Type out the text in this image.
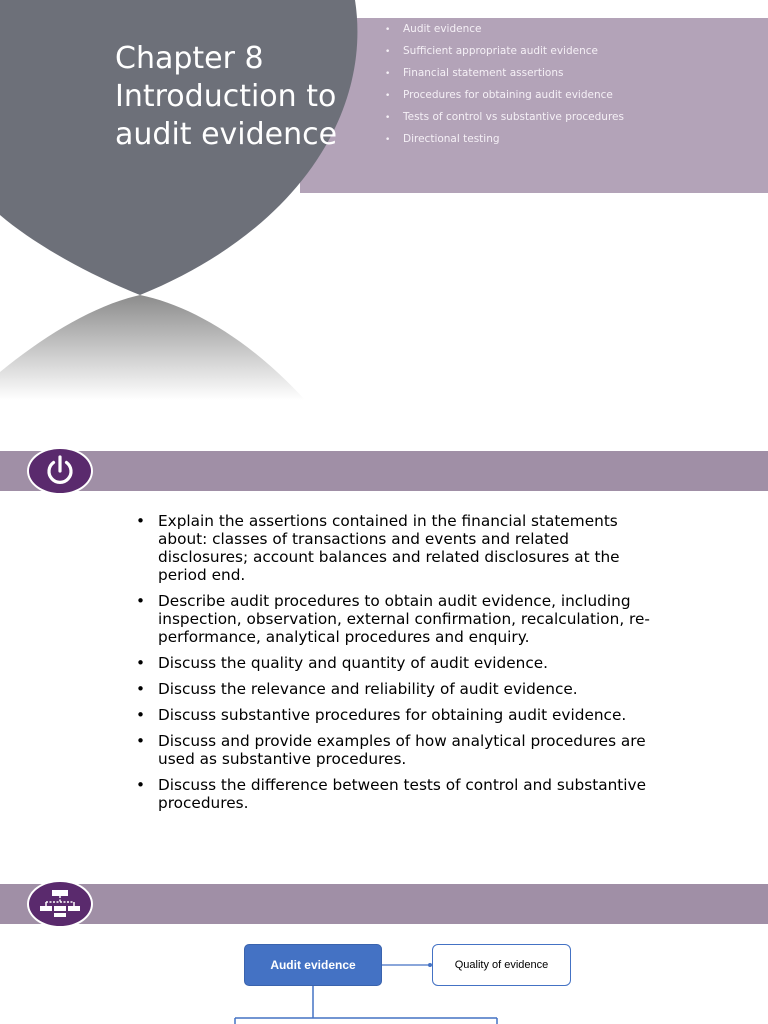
Chapter 8
Introduction to
audit evidence
• Audit evidence
• Sufficient appropriate audit evidence
• Financial statement assertions
• Procedures for obtaining audit evidence
• Tests of control vs substantive procedures
• Directional testing
• Explain the assertions contained in the financial statements about: classes of transactions and events and related disclosures; account balances and related disclosures at the period end.
• Describe audit procedures to obtain audit evidence, including inspection, observation, external confirmation, recalculation, re-performance, analytical procedures and enquiry.
• Discuss the quality and quantity of audit evidence.
• Discuss the relevance and reliability of audit evidence.
• Discuss substantive procedures for obtaining audit evidence.
• Discuss and provide examples of how analytical procedures are used as substantive procedures.
• Discuss the difference between tests of control and substantive procedures.
Audit evidence	Quality of evidence
